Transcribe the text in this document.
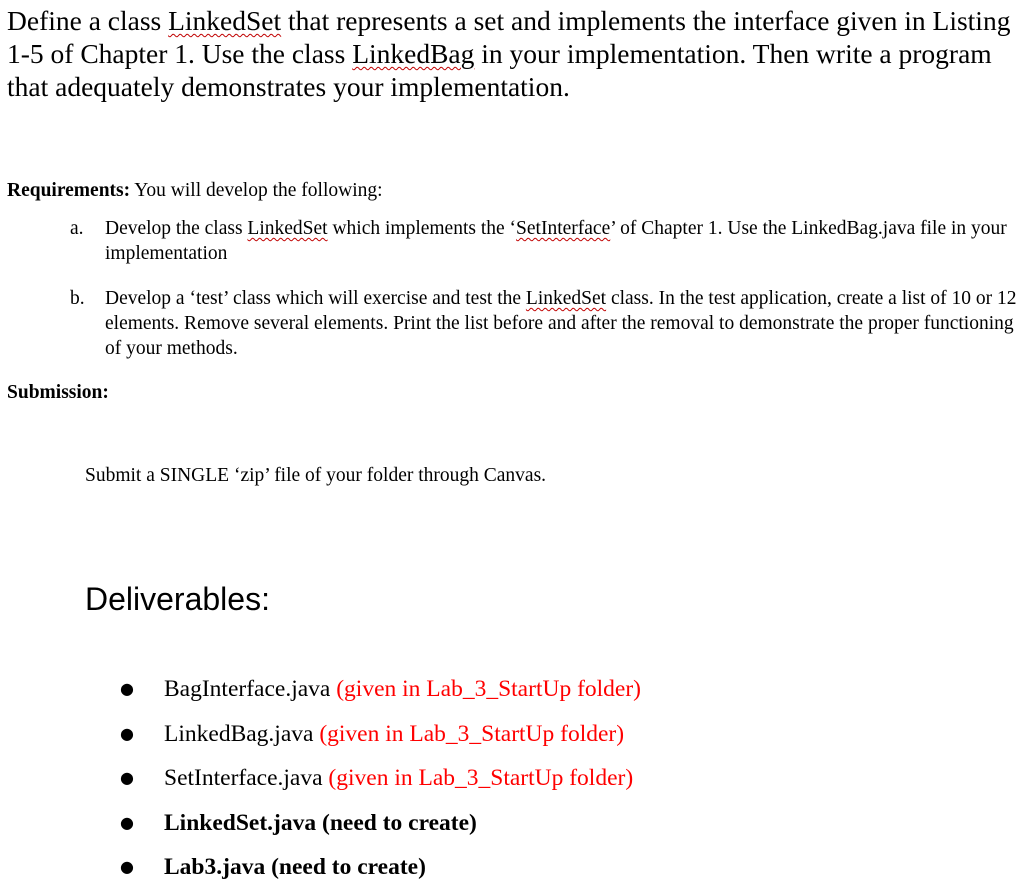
Define a class LinkedSet that represents a set and implements the interface given in Listing 1-5 of Chapter 1. Use the class LinkedBag in your implementation. Then write a program that adequately demonstrates your implementation.
Requirements: You will develop the following:
a.	Develop the class LinkedSet which implements the ‘SetInterface’ of Chapter 1. Use the LinkedBag.java file in your implementation
b.	Develop a ‘test’ class which will exercise and test the LinkedSet class. In the test application, create a list of 10 or 12 elements. Remove several elements. Print the list before and after the removal to demonstrate the proper functioning of your methods.
Submission:
Submit a SINGLE ‘zip’ file of your folder through Canvas.
Deliverables:
● BagInterface.java (given in Lab_3_StartUp folder)
● LinkedBag.java (given in Lab_3_StartUp folder)
● SetInterface.java (given in Lab_3_StartUp folder)
● LinkedSet.java (need to create)
● Lab3.java (need to create)
